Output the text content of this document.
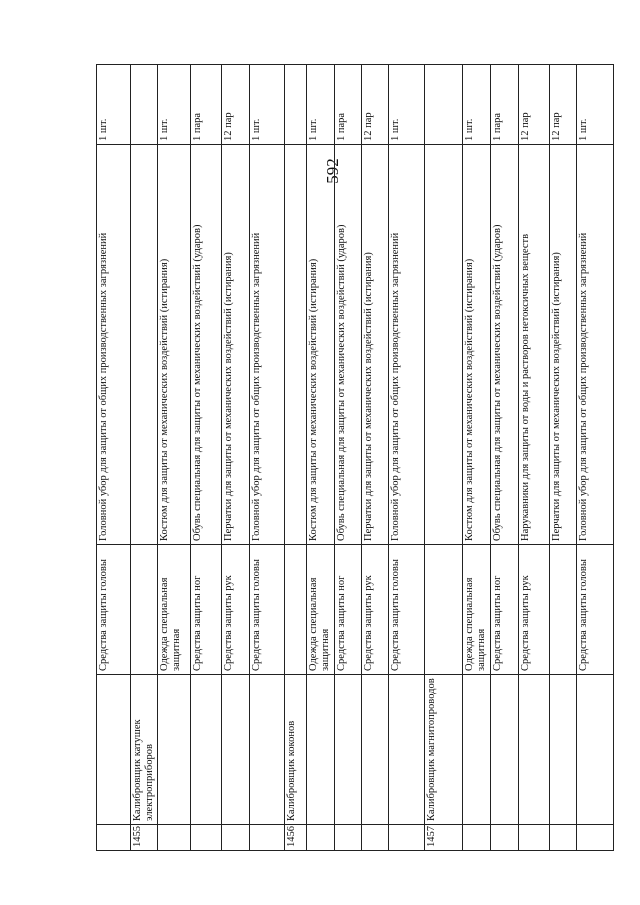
592
		Средства защиты головы	Головной убор для защиты от общих производственных загрязнений	1 шт.
1455	Калибровщик катушек электроприборов			
		Одежда специальная защитная	Костюм для защиты от механических воздействий (истирания)	1 шт.
		Средства защиты ног	Обувь специальная для защиты от механических воздействий (ударов)	1 пара
		Средства защиты рук	Перчатки для защиты от механических воздействий (истирания)	12 пар
		Средства защиты головы	Головной убор для защиты от общих производственных загрязнений	1 шт.
1456	Калибровщик коконов			
		Одежда специальная защитная	Костюм для защиты от механических воздействий (истирания)	1 шт.
		Средства защиты ног	Обувь специальная для защиты от механических воздействий (ударов)	1 пара
		Средства защиты рук	Перчатки для защиты от механических воздействий (истирания)	12 пар
		Средства защиты головы	Головной убор для защиты от общих производственных загрязнений	1 шт.
1457	Калибровщик магнитопроводов			
		Одежда специальная защитная	Костюм для защиты от механических воздействий (истирания)	1 шт.
		Средства защиты ног	Обувь специальная для защиты от механических воздействий (ударов)	1 пара
		Средства защиты рук	Нарукавники для защиты от воды и растворов нетоксичных веществ	12 пар
			Перчатки для защиты от механических воздействий (истирания)	12 пар
		Средства защиты головы	Головной убор для защиты от общих производственных загрязнений	1 шт.
